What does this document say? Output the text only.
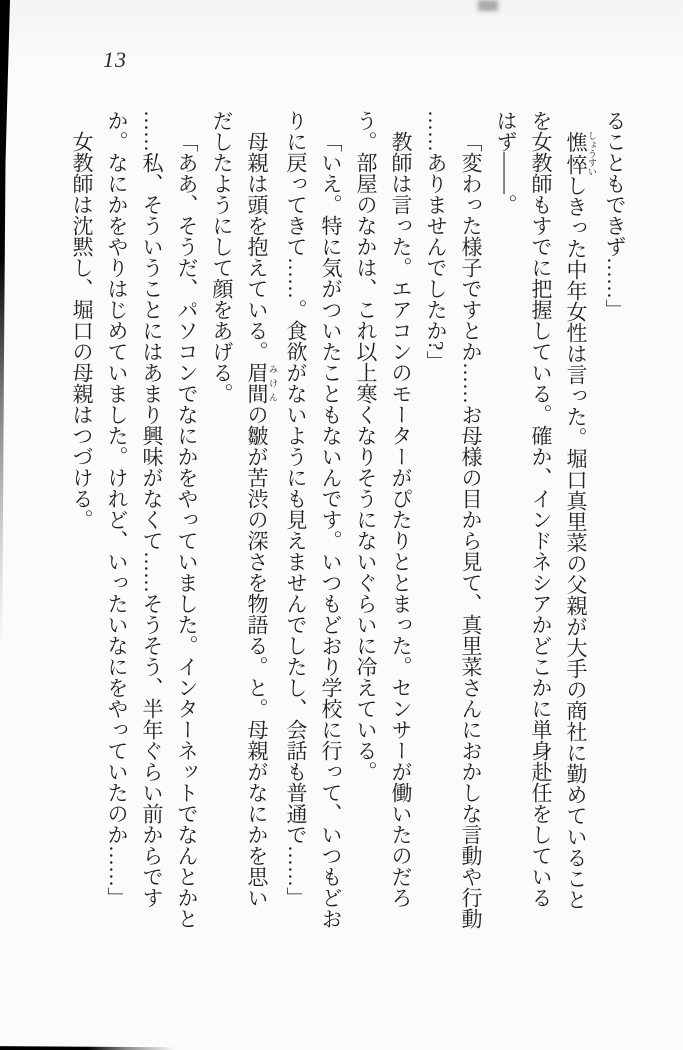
13
ることもできず……」
憔悴 しょうすいしきった中年女性は言った。堀口真里菜の父親が大手の商社に勤めていること
を女教師もすでに把握している。確か、インドネシアかどこかに単身赴任をしている
はず――。
「変わった様子ですとか……お母様の目から見て、真里菜さんにおかしな言動や行動
……ありませんでしたか?」
教師は言った。エアコンのモーターがぴたりととまった。センサーが働いたのだろ
う。部屋のなかは、これ以上寒くなりそうにないぐらいに冷えている。
「いえ。特に気がついたこともないんです。いつもどおり学校に行って、いつもどお
りに戻ってきて……。食欲がないようにも見えませんでしたし、会話も普通で……」
母親は頭を抱えている。眉間 みけんの皺が苦渋の深さを物語る。と。母親がなにかを思い
だしたようにして顔をあげる。
「ああ、そうだ、パソコンでなにかをやっていました。インターネットでなんとかと
……私、そういうことにはあまり興味がなくて……そうそう、半年ぐらい前からです
か。なにかをやりはじめていました。けれど、いったいなにをやっていたのか……」
女教師は沈黙し、堀口の母親はつづける。
